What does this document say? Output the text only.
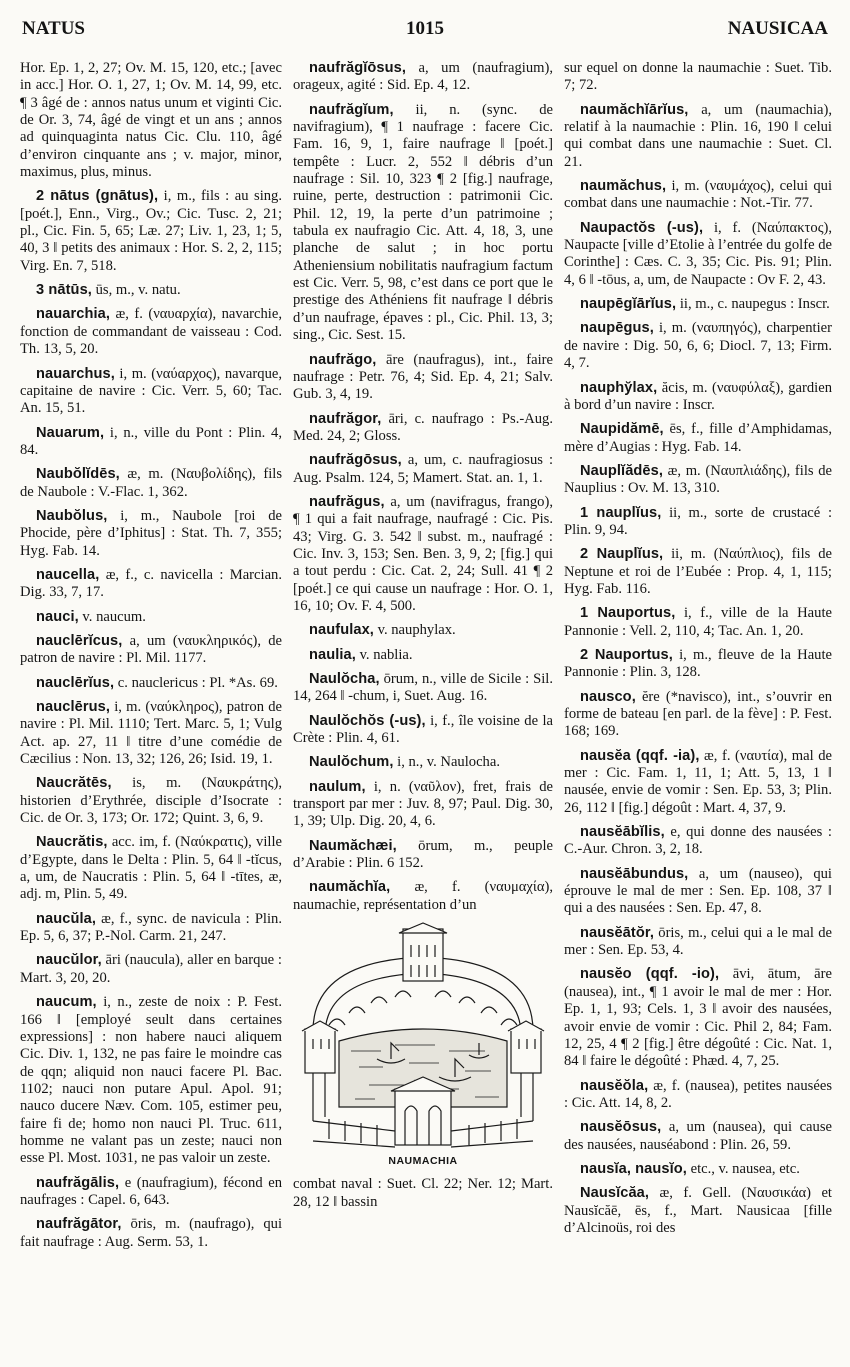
NATUS	1015	NAUSICAA
Hor. Ep. 1, 2, 27; Ov. M. 15, 120, etc.; [avec in acc.] Hor. O. 1, 27, 1; Ov. M. 14, 99, etc. ¶ 3 âgé de : annos natus unum et viginti Cic. de Or. 3, 74, âgé de vingt et un ans ; annos ad quinquaginta natus Cic. Clu. 110, âgé d’environ cinquante ans ; v. major, minor, maximus, plus, minus.
2 nātus (gnātus), i, m., fils : au sing. [poét.], Enn., Virg., Ov.; Cic. Tusc. 2, 21; pl., Cic. Fin. 5, 65; Læ. 27; Liv. 1, 23, 1; 5, 40, 3 ‖ petits des animaux : Hor. S. 2, 2, 115; Virg. En. 7, 518.
3 nātūs, ūs, m., v. natu.
nauarchia, æ, f. (ναυαρχία), navarchie, fonction de commandant de vaisseau : Cod. Th. 13, 5, 20.
nauarchus, i, m. (ναύαρχος), navarque, capitaine de navire : Cic. Verr. 5, 60; Tac. An. 15, 51.
Nauarum, i, n., ville du Pont : Plin. 4, 84.
Naubŏlĭdēs, æ, m. (Ναυβολίδης), fils de Naubole : V.-Flac. 1, 362.
Naubŏlus, i, m., Naubole [roi de Phocide, père d’Iphitus] : Stat. Th. 7, 355; Hyg. Fab. 14.
naucella, æ, f., c. navicella : Marcian. Dig. 33, 7, 17.
nauci, v. naucum.
nauclērĭcus, a, um (ναυκληρικός), de patron de navire : Pl. Mil. 1177.
nauclērĭus, c. nauclericus : Pl. *As. 69.
nauclērus, i, m. (ναύκληρος), patron de navire : Pl. Mil. 1110; Tert. Marc. 5, 1; Vulg Act. ap. 27, 11 ‖ titre d’une comédie de Cæcilius : Non. 13, 32; 126, 26; Isid. 19, 1.
Naucrătēs, is, m. (Ναυκράτης), historien d’Erythrée, disciple d’Isocrate : Cic. de Or. 3, 173; Or. 172; Quint. 3, 6, 9.
Naucrătis, acc. im, f. (Ναύκρατις), ville d’Egypte, dans le Delta : Plin. 5, 64 ‖ -tĭcus, a, um, de Naucratis : Plin. 5, 64 ‖ -tītes, æ, adj. m, Plin. 5, 49.
naucŭla, æ, f., sync. de navicula : Plin. Ep. 5, 6, 37; P.-Nol. Carm. 21, 247.
naucŭlor, āri (naucula), aller en barque : Mart. 3, 20, 20.
naucum, i, n., zeste de noix : P. Fest. 166 ‖ [employé seult dans certaines expressions] : non habere nauci aliquem Cic. Div. 1, 132, ne pas faire le moindre cas de qqn; aliquid non nauci facere Pl. Bac. 1102; nauci non putare Apul. Apol. 91; nauco ducere Næv. Com. 105, estimer peu, faire fi de; homo non nauci Pl. Truc. 611, homme ne valant pas un zeste; nauci non esse Pl. Most. 1031, ne pas valoir un zeste.
naufrăgālis, e (naufragium), fécond en naufrages : Capel. 6, 643.
naufrăgātor, ōris, m. (naufrago), qui fait naufrage : Aug. Serm. 53, 1.
naufrăgĭōsus, a, um (naufragium), orageux, agité : Sid. Ep. 4, 12.
naufrăgĭum, ii, n. (sync. de navifragium), ¶ 1 naufrage : facere Cic. Fam. 16, 9, 1, faire naufrage ‖ [poét.] tempête : Lucr. 2, 552 ‖ débris d’un naufrage : Sil. 10, 323 ¶ 2 [fig.] naufrage, ruine, perte, destruction : patrimonii Cic. Phil. 12, 19, la perte d’un patrimoine ; tabula ex naufragio Cic. Att. 4, 18, 3, une planche de salut ; in hoc portu Atheniensium nobilitatis naufragium factum est Cic. Verr. 5, 98, c’est dans ce port que le prestige des Athéniens fit naufrage ‖ débris d’un naufrage, épaves : pl., Cic. Phil. 13, 3; sing., Cic. Sest. 15.
naufrăgo, āre (naufragus), int., faire naufrage : Petr. 76, 4; Sid. Ep. 4, 21; Salv. Gub. 3, 4, 19.
naufrăgor, āri, c. naufrago : Ps.-Aug. Med. 24, 2; Gloss.
naufrăgōsus, a, um, c. naufragiosus : Aug. Psalm. 124, 5; Mamert. Stat. an. 1, 1.
naufrăgus, a, um (navifragus, frango), ¶ 1 qui a fait naufrage, naufragé : Cic. Pis. 43; Virg. G. 3. 542 ‖ subst. m., naufragé : Cic. Inv. 3, 153; Sen. Ben. 3, 9, 2; [fig.] qui a tout perdu : Cic. Cat. 2, 24; Sull. 41 ¶ 2 [poét.] ce qui cause un naufrage : Hor. O. 1, 16, 10; Ov. F. 4, 500.
naufulax, v. nauphylax.
naulia, v. nablia.
Naulŏcha, ōrum, n., ville de Sicile : Sil. 14, 264 ‖ -chum, i, Suet. Aug. 16.
Naulŏchŏs (-us), i, f., île voisine de la Crète : Plin. 4, 61.
Naulŏchum, i, n., v. Naulocha.
naulum, i, n. (ναῦλον), fret, frais de transport par mer : Juv. 8, 97; Paul. Dig. 30, 1, 39; Ulp. Dig. 20, 4, 6.
Naumăchæi, ōrum, m., peuple d’Arabie : Plin. 6 152.
naumăchĭa, æ, f. (ναυμαχία), naumachie, représentation d’un
NAUMACHIA
combat naval : Suet. Cl. 22; Ner. 12; Mart. 28, 12 ‖ bassin
sur equel on donne la naumachie : Suet. Tib. 7; 72.
naumăchĭārĭus, a, um (naumachia), relatif à la naumachie : Plin. 16, 190 ‖ celui qui combat dans une naumachie : Suet. Cl. 21.
naumăchus, i, m. (ναυμάχος), celui qui combat dans une naumachie : Not.-Tir. 77.
Naupactŏs (-us), i, f. (Ναύπακτος), Naupacte [ville d’Etolie à l’entrée du golfe de Corinthe] : Cæs. C. 3, 35; Cic. Pis. 91; Plin. 4, 6 ‖ -tōus, a, um, de Naupacte : Ov F. 2, 43.
naupēgĭārĭus, ii, m., c. naupegus : Inscr.
naupēgus, i, m. (ναυπηγός), charpentier de navire : Dig. 50, 6, 6; Diocl. 7, 13; Firm. 4, 7.
nauphy̆lax, ăcis, m. (ναυφύλαξ), gardien à bord d’un navire : Inscr.
Naupidămē, ēs, f., fille d’Amphidamas, mère d’Augias : Hyg. Fab. 14.
Nauplĭădēs, æ, m. (Ναυπλιάδης), fils de Nauplius : Ov. M. 13, 310.
1 nauplĭus, ii, m., sorte de crustacé : Plin. 9, 94.
2 Nauplĭus, ii, m. (Ναύπλιος), fils de Neptune et roi de l’Eubée : Prop. 4, 1, 115; Hyg. Fab. 116.
1 Nauportus, i, f., ville de la Haute Pannonie : Vell. 2, 110, 4; Tac. An. 1, 20.
2 Nauportus, i, m., fleuve de la Haute Pannonie : Plin. 3, 128.
nausco, ĕre (*navisco), int., s’ouvrir en forme de bateau [en parl. de la fève] : P. Fest. 168; 169.
nausĕa (qqf. -ia), æ, f. (ναυτία), mal de mer : Cic. Fam. 1, 11, 1; Att. 5, 13, 1 ‖ nausée, envie de vomir : Sen. Ep. 53, 3; Plin. 26, 112 ‖ [fig.] dégoût : Mart. 4, 37, 9.
nausĕābĭlis, e, qui donne des nausées : C.-Aur. Chron. 3, 2, 18.
nausĕābundus, a, um (nauseo), qui éprouve le mal de mer : Sen. Ep. 108, 37 ‖ qui a des nausées : Sen. Ep. 47, 8.
nausĕātŏr, ōris, m., celui qui a le mal de mer : Sen. Ep. 53, 4.
nausĕo (qqf. -io), āvi, ātum, āre (nausea), int., ¶ 1 avoir le mal de mer : Hor. Ep. 1, 1, 93; Cels. 1, 3 ‖ avoir des nausées, avoir envie de vomir : Cic. Phil 2, 84; Fam. 12, 25, 4 ¶ 2 [fig.] être dégoûté : Cic. Nat. 1, 84 ‖ faire le dégoûté : Phæd. 4, 7, 25.
nausĕŏla, æ, f. (nausea), petites nausées : Cic. Att. 14, 8, 2.
nausĕōsus, a, um (nausea), qui cause des nausées, nauséabond : Plin. 26, 59.
nausĭa, nausĭo, etc., v. nausea, etc.
Nausĭcăa, æ, f. Gell. (Ναυσικάα) et Nausĭcăē, ēs, f., Mart. Nausicaa [fille d’Alcinoüs, roi des
